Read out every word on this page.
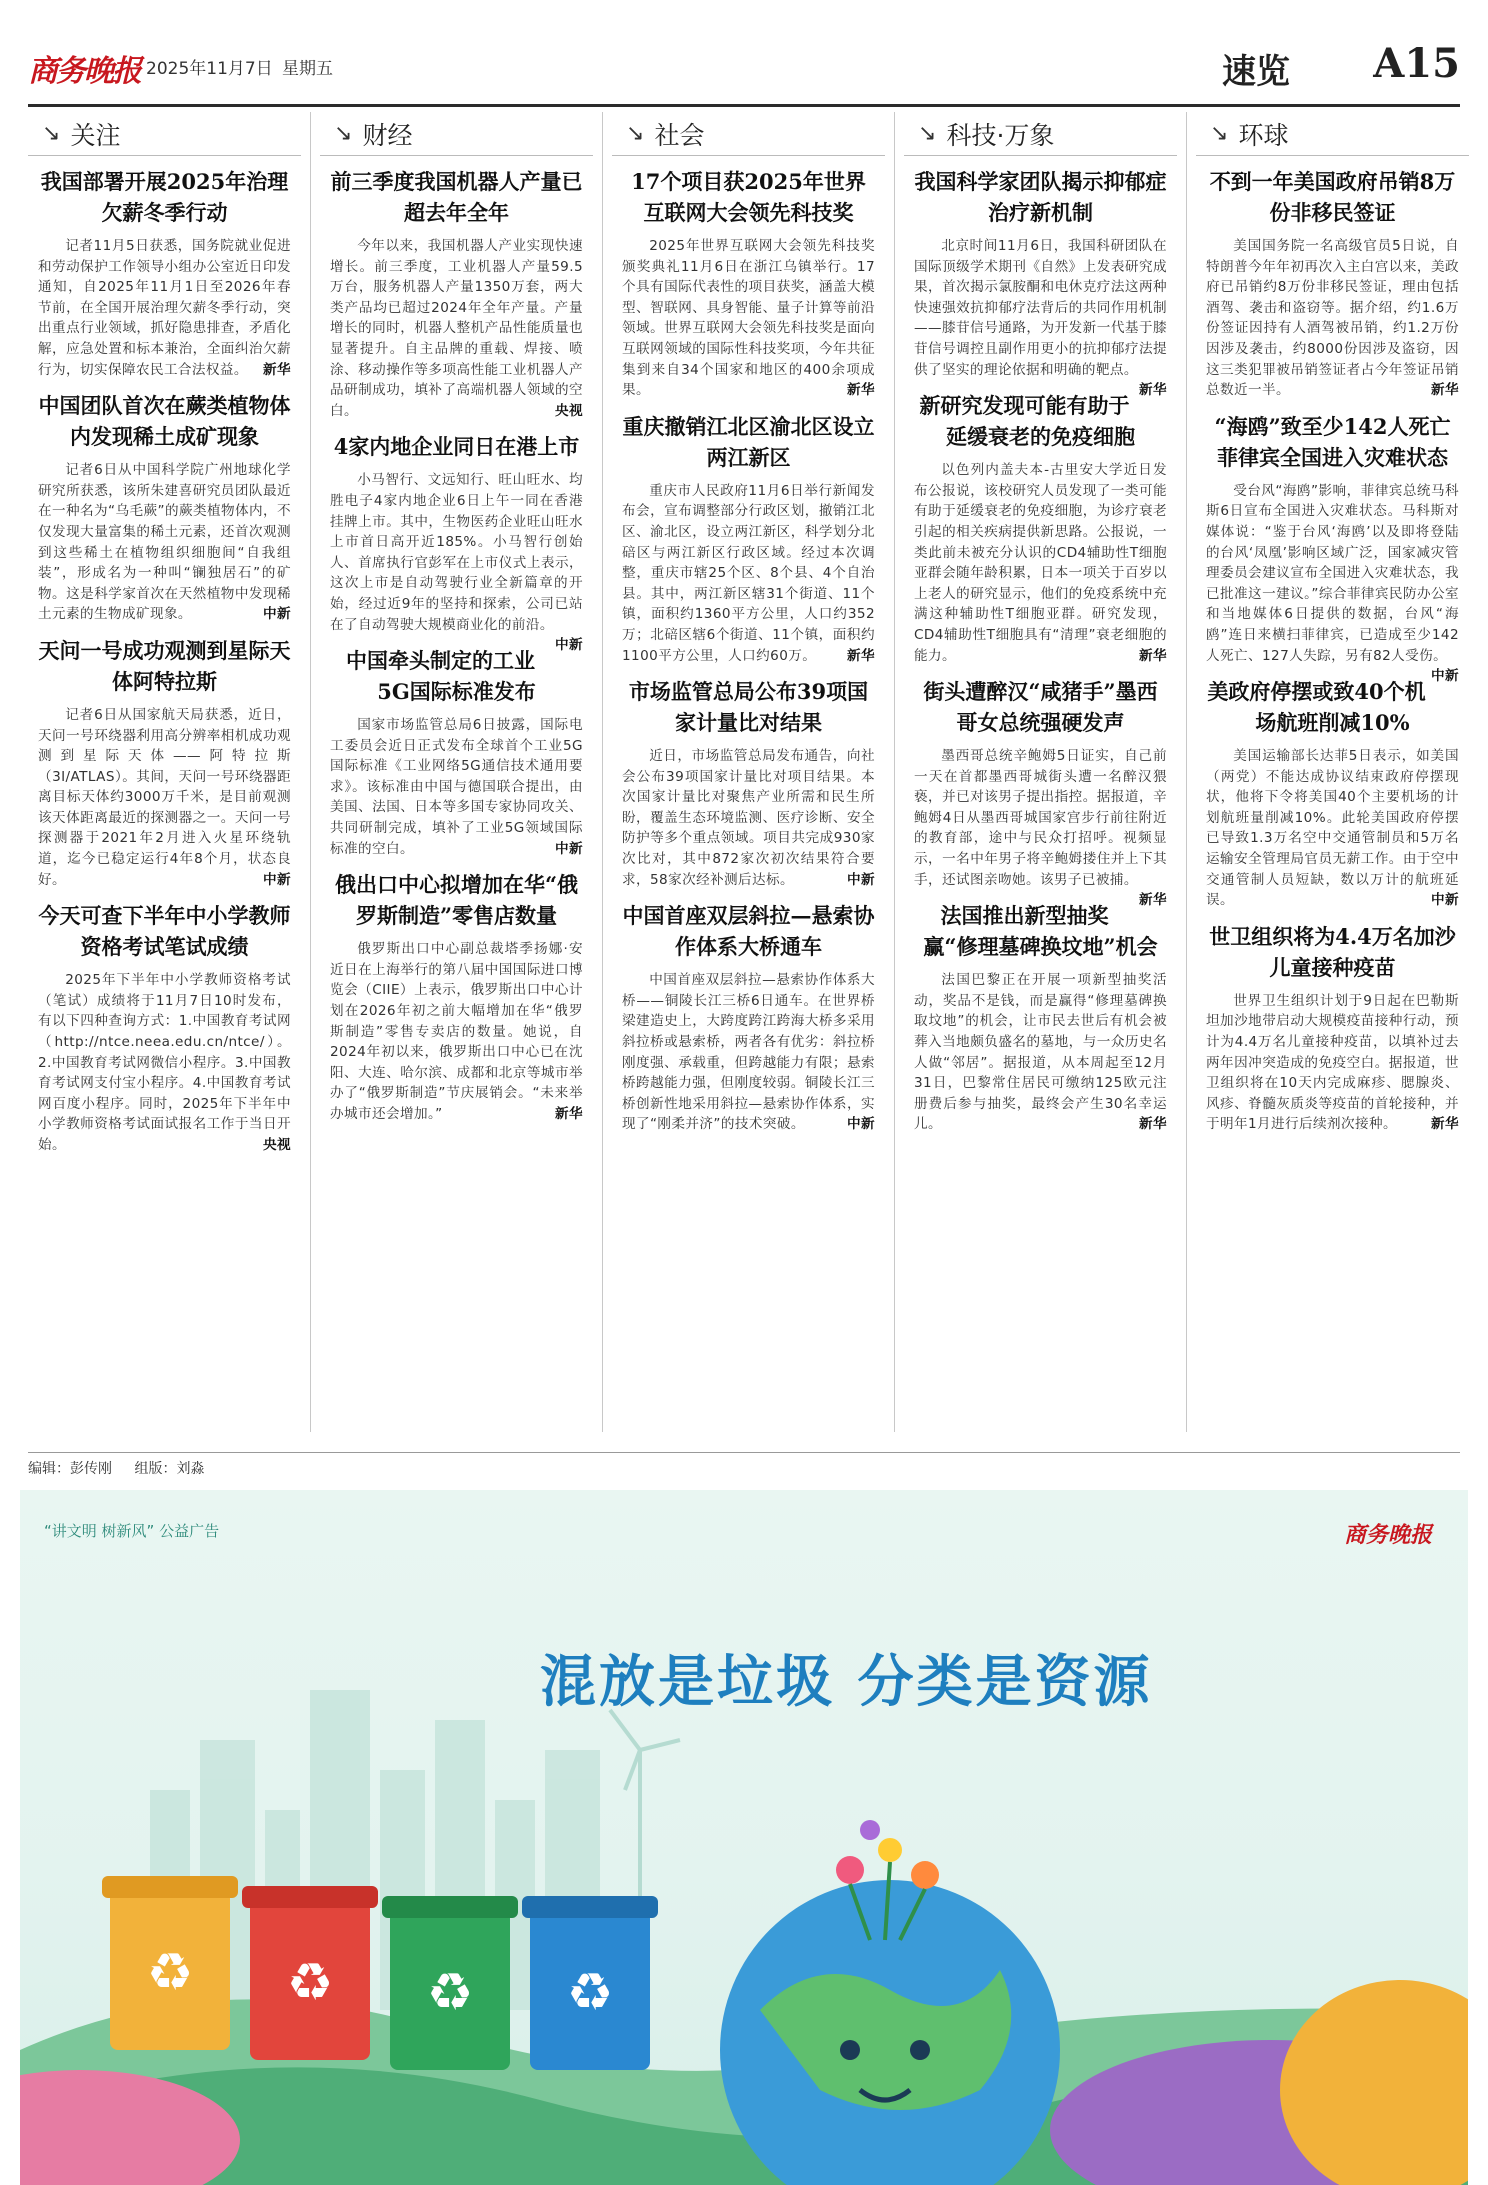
商务晚报 2025年11月7日 星期五	速览 A15
↘ 关注
我国部署开展2025年治理欠薪冬季行动

记者11月5日获悉，国务院就业促进和劳动保护工作领导小组办公室近日印发通知，自2025年11月1日至2026年春节前，在全国开展治理欠薪冬季行动，突出重点行业领域，抓好隐患排查，矛盾化解，应急处置和标本兼治，全面纠治欠薪行为，切实保障农民工合法权益。 新华

中国团队首次在蕨类植物体内发现稀土成矿现象

记者6日从中国科学院广州地球化学研究所获悉，该所朱建喜研究员团队最近在一种名为“乌毛蕨”的蕨类植物体内，不仅发现大量富集的稀土元素，还首次观测到这些稀土在植物组织细胞间“自我组装”，形成名为一种叫“镧独居石”的矿物。这是科学家首次在天然植物中发现稀土元素的生物成矿现象。	中新

天问一号成功观测到星际天体阿特拉斯

记者6日从国家航天局获悉，近日，天问一号环绕器利用高分辨率相机成功观测到星际天体——阿特拉斯（3I/ATLAS）。其间，天问一号环绕器距离目标天体约3000万千米，是目前观测该天体距离最近的探测器之一。天问一号探测器于2021年2月进入火星环绕轨道，迄今已稳定运行4年8个月，状态良好。	中新

今天可查下半年中小学教师资格考试笔试成绩

2025年下半年中小学教师资格考试（笔试）成绩将于11月7日10时发布，有以下四种查询方式：1.中国教育考试网（http://ntce.neea.edu.cn/ntce/）。2.中国教育考试网微信小程序。3.中国教育考试网支付宝小程序。4.中国教育考试网百度小程序。同时，2025年下半年中小学教师资格考试面试报名工作于当日开始。	央视

↘ 财经
前三季度我国机器人产量已超去年全年

今年以来，我国机器人产业实现快速增长。前三季度，工业机器人产量59.5万台，服务机器人产量1350万套，两大类产品均已超过2024年全年产量。产量增长的同时，机器人整机产品性能质量也显著提升。自主品牌的重载、焊接、喷涂、移动操作等多项高性能工业机器人产品研制成功，填补了高端机器人领域的空白。	央视

4家内地企业同日在港上市

小马智行、文远知行、旺山旺水、均胜电子4家内地企业6日上午一同在香港挂牌上市。其中，生物医药企业旺山旺水上市首日高开近185%。小马智行创始人、首席执行官彭军在上市仪式上表示，这次上市是自动驾驶行业全新篇章的开始，经过近9年的坚持和探索，公司已站在了自动驾驶大规模商业化的前沿。
中新

中国牵头制定的工业5G国际标准发布

国家市场监管总局6日披露，国际电工委员会近日正式发布全球首个工业5G国际标准《工业网络5G通信技术通用要求》。该标准由中国与德国联合提出，由美国、法国、日本等多国专家协同攻关、共同研制完成，填补了工业5G领域国际标准的空白。	中新

俄出口中心拟增加在华“俄罗斯制造”零售店数量

俄罗斯出口中心副总裁塔季扬娜·安近日在上海举行的第八届中国国际进口博览会（CIIE）上表示，俄罗斯出口中心计划在2026年初之前大幅增加在华“俄罗斯制造”零售专卖店的数量。她说，自2024年初以来，俄罗斯出口中心已在沈阳、大连、哈尔滨、成都和北京等城市举办了“俄罗斯制造”节庆展销会。“未来举办城市还会增加。”	新华

↘ 社会
17个项目获2025年世界互联网大会领先科技奖

2025年世界互联网大会领先科技奖颁奖典礼11月6日在浙江乌镇举行。17个具有国际代表性的项目获奖，涵盖大模型、智联网、具身智能、量子计算等前沿领域。世界互联网大会领先科技奖是面向互联网领域的国际性科技奖项，今年共征集到来自34个国家和地区的400余项成果。	新华

重庆撤销江北区渝北区设立两江新区

重庆市人民政府11月6日举行新闻发布会，宣布调整部分行政区划，撤销江北区、渝北区，设立两江新区，科学划分北碚区与两江新区行政区域。经过本次调整，重庆市辖25个区、8个县、4个自治县。其中，两江新区辖31个街道、11个镇，面积约1360平方公里，人口约352万；北碚区辖6个街道、11个镇，面积约1100平方公里，人口约60万。 新华

市场监管总局公布39项国家计量比对结果

近日，市场监管总局发布通告，向社会公布39项国家计量比对项目结果。本次国家计量比对聚焦产业所需和民生所盼，覆盖生态环境监测、医疗诊断、安全防护等多个重点领域。项目共完成930家次比对，其中872家次初次结果符合要求，58家次经补测后达标。	中新

中国首座双层斜拉—悬索协作体系大桥通车

中国首座双层斜拉—悬索协作体系大桥——铜陵长江三桥6日通车。在世界桥梁建造史上，大跨度跨江跨海大桥多采用斜拉桥或悬索桥，两者各有优劣：斜拉桥刚度强、承载重，但跨越能力有限；悬索桥跨越能力强，但刚度较弱。铜陵长江三桥创新性地采用斜拉—悬索协作体系，实现了“刚柔并济”的技术突破。	中新

↘ 科技·万象
我国科学家团队揭示抑郁症治疗新机制

北京时间11月6日，我国科研团队在国际顶级学术期刊《自然》上发表研究成果，首次揭示氯胺酮和电休克疗法这两种快速强效抗抑郁疗法背后的共同作用机制——膝苷信号通路，为开发新一代基于膝苷信号调控且副作用更小的抗抑郁疗法提供了坚实的理论依据和明确的靶点。
新华

新研究发现可能有助于延缓衰老的免疫细胞

以色列内盖夫本-古里安大学近日发布公报说，该校研究人员发现了一类可能有助于延缓衰老的免疫细胞，为诊疗衰老引起的相关疾病提供新思路。公报说，一类此前未被充分认识的CD4辅助性T细胞亚群会随年龄积累，日本一项关于百岁以上老人的研究显示，他们的免疫系统中充满这种辅助性T细胞亚群。研究发现，CD4辅助性T细胞具有“清理”衰老细胞的能力。	新华

街头遭醉汉“咸猪手”墨西哥女总统强硬发声

墨西哥总统辛鲍姆5日证实，自己前一天在首都墨西哥城街头遭一名醉汉猥亵，并已对该男子提出指控。据报道，辛鲍姆4日从墨西哥城国家宫步行前往附近的教育部，途中与民众打招呼。视频显示，一名中年男子将辛鲍姆搂住并上下其手，还试图亲吻她。该男子已被捕。
新华

法国推出新型抽奖赢“修理墓碑换坟地”机会

法国巴黎正在开展一项新型抽奖活动，奖品不是钱，而是赢得“修理墓碑换取坟地”的机会，让市民去世后有机会被葬入当地颇负盛名的墓地，与一众历史名人做“邻居”。据报道，从本周起至12月31日，巴黎常住居民可缴纳125欧元注册费后参与抽奖，最终会产生30名幸运儿。	新华

↘ 环球
不到一年美国政府吊销8万份非移民签证

美国国务院一名高级官员5日说，自特朗普今年年初再次入主白宫以来，美政府已吊销约8万份非移民签证，理由包括酒驾、袭击和盗窃等。据介绍，约1.6万份签证因持有人酒驾被吊销，约1.2万份因涉及袭击，约8000份因涉及盗窃，因这三类犯罪被吊销签证者占今年签证吊销总数近一半。	新华

“海鸥”致至少142人死亡菲律宾全国进入灾难状态

受台风“海鸥”影响，菲律宾总统马科斯6日宣布全国进入灾难状态。马科斯对媒体说：“鉴于台风‘海鸥’以及即将登陆的台风‘凤凰’影响区域广泛，国家减灾管理委员会建议宣布全国进入灾难状态，我已批准这一建议。”综合菲律宾民防办公室和当地媒体6日提供的数据，台风“海鸥”连日来横扫菲律宾，已造成至少142人死亡、127人失踪，另有82人受伤。
中新

美政府停摆或致40个机场航班削减10%

美国运输部长达菲5日表示，如美国（两党）不能达成协议结束政府停摆现状，他将下令将美国40个主要机场的计划航班量削减10%。此轮美国政府停摆已导致1.3万名空中交通管制员和5万名运输安全管理局官员无薪工作。由于空中交通管制人员短缺，数以万计的航班延误。	中新

世卫组织将为4.4万名加沙儿童接种疫苗

世界卫生组织计划于9日起在巴勒斯坦加沙地带启动大规模疫苗接种行动，预计为4.4万名儿童接种疫苗，以填补过去两年因冲突造成的免疫空白。据报道，世卫组织将在10天内完成麻疹、腮腺炎、风疹、脊髓灰质炎等疫苗的首轮接种，并于明年1月进行后续剂次接种。	新华

编辑：彭传刚 组版：刘淼
♻ ♻ ♻ ♻
“讲文明 树新风” 公益广告	商务晚报
混放是垃圾 分类是资源
